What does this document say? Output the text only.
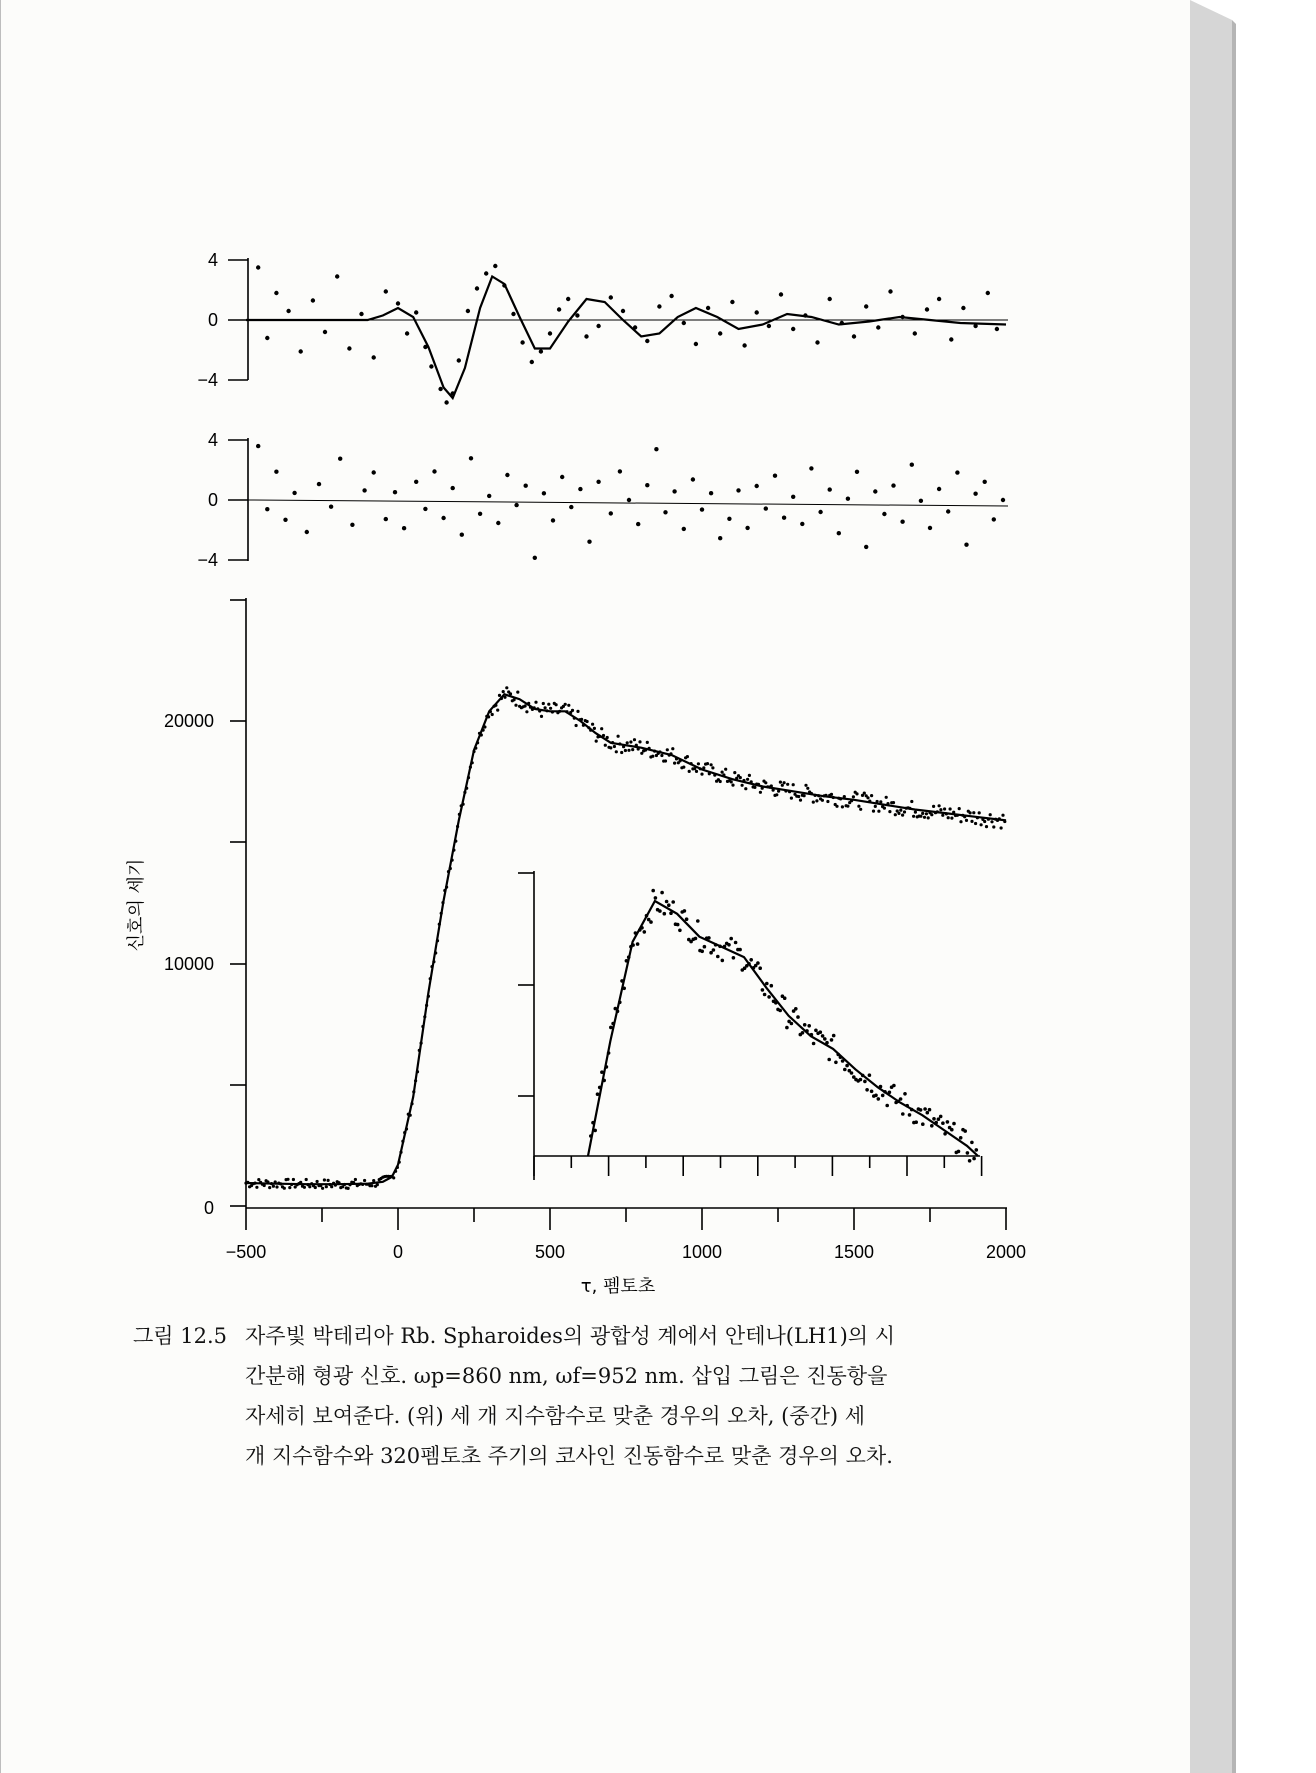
4
0
−4
4
0
−4
20000
10000
0
−500	0	500	1000	1500	2000
τ, 펨토초
신호의 세기
그림 12.5 자주빛 박테리아 Rb. Spharoides의 광합성 계에서 안테나(LH1)의 시
간분해 형광 신호. ωp=860 nm, ωf=952 nm. 삽입 그림은 진동항을
자세히 보여준다. (위) 세 개 지수함수로 맞춘 경우의 오차, (중간) 세
개 지수함수와 320펨토초 주기의 코사인 진동함수로 맞춘 경우의 오차.
